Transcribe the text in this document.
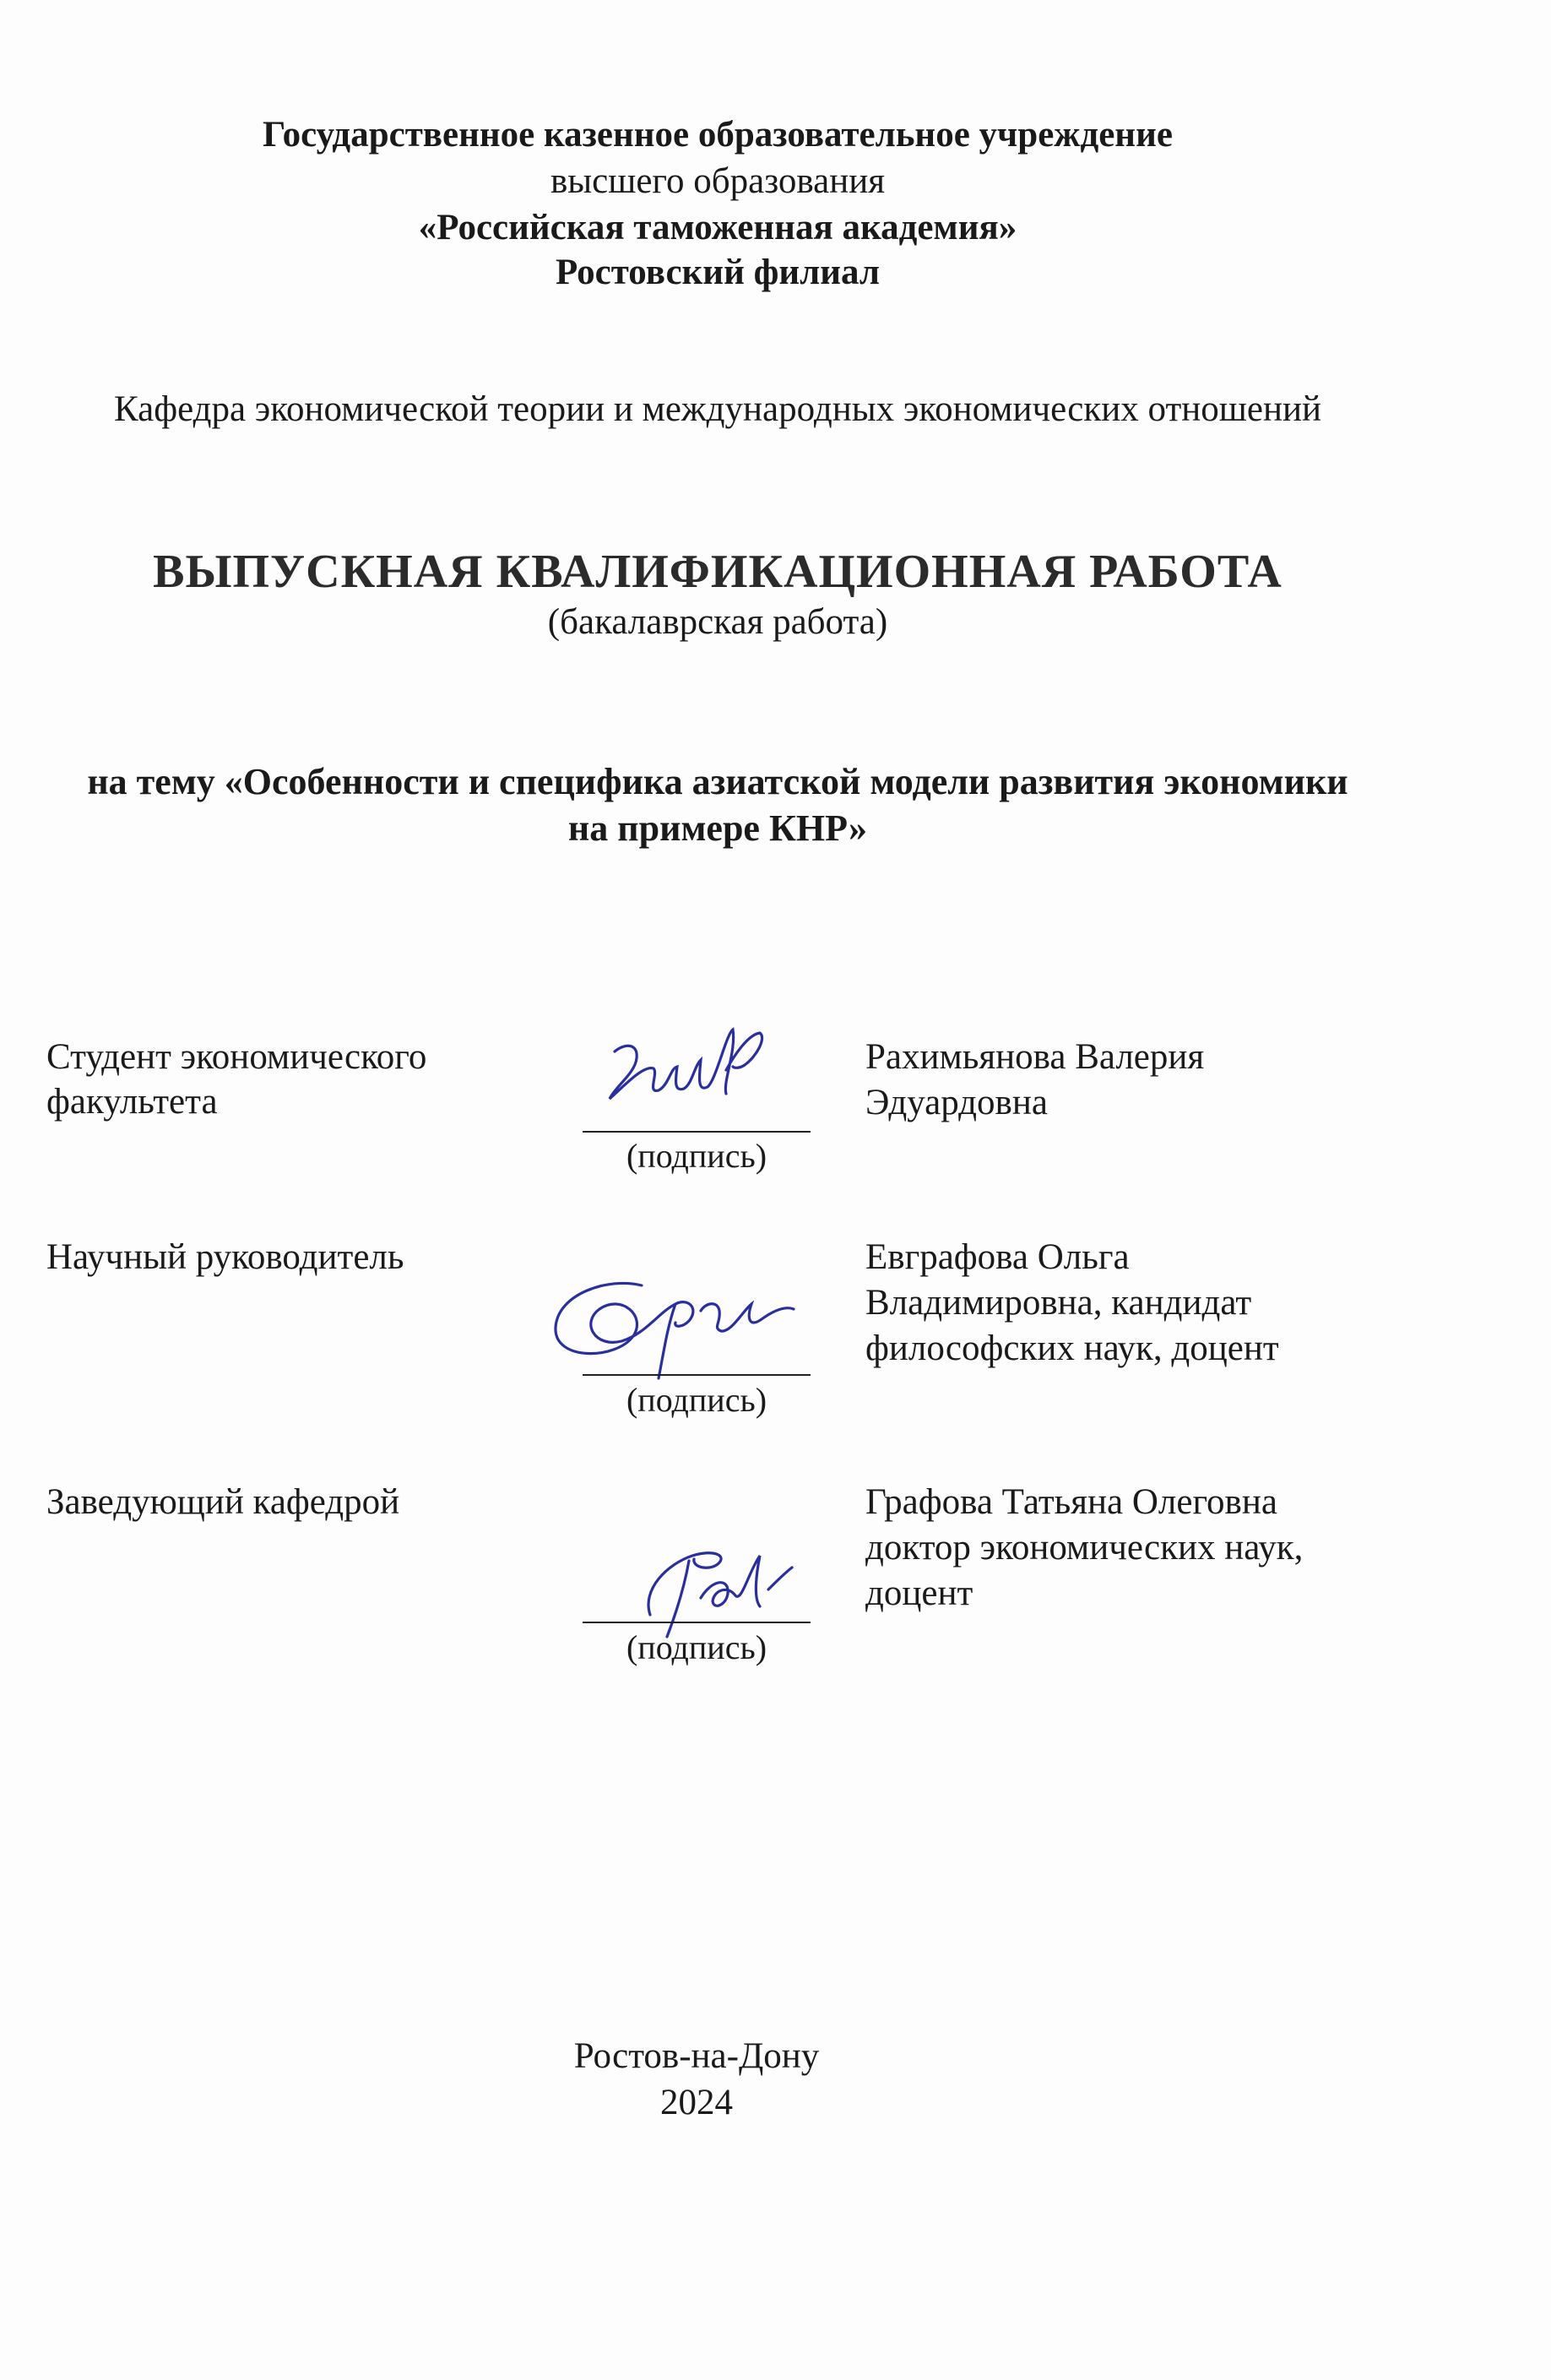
Государственное казенное образовательное учреждение
высшего образования
«Российская таможенная академия»
Ростовский филиал
Кафедра экономической теории и международных экономических отношений
ВЫПУСКНАЯ КВАЛИФИКАЦИОННАЯ РАБОТА
(бакалаврская работа)
на тему «Особенности и специфика азиатской модели развития экономики
на примере КНР»
Студент экономического
факультета
(подпись)
Рахимьянова Валерия
Эдуардовна
Научный руководитель
(подпись)
Евграфова Ольга
Владимировна, кандидат
философских наук, доцент
Заведующий кафедрой
(подпись)
Графова Татьяна Олеговна
доктор экономических наук,
доцент
Ростов-на-Дону
2024
